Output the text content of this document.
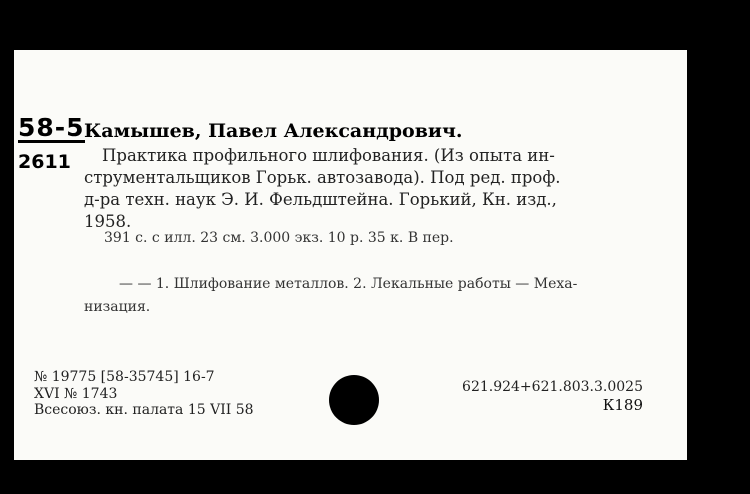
58-5
2611
Камышев, Павел Александрович.
Практика профильного шлифования. (Из опыта ин-
струментальщиков Горьк. автозавода). Под ред. проф.
д-ра техн. наук Э. И. Фельдштейна. Горький, Кн. изд.,
1958.
391 с. с илл. 23 см. 3.000 экз. 10 р. 35 к. В пер.
— — 1. Шлифование металлов. 2. Лекальные работы — Меха-
низация.
№ 19775 [58-35745] 16-7
XVI № 1743
Всесоюз. кн. палата 15 VII 58
621.924+621.803.3.0025
К189
